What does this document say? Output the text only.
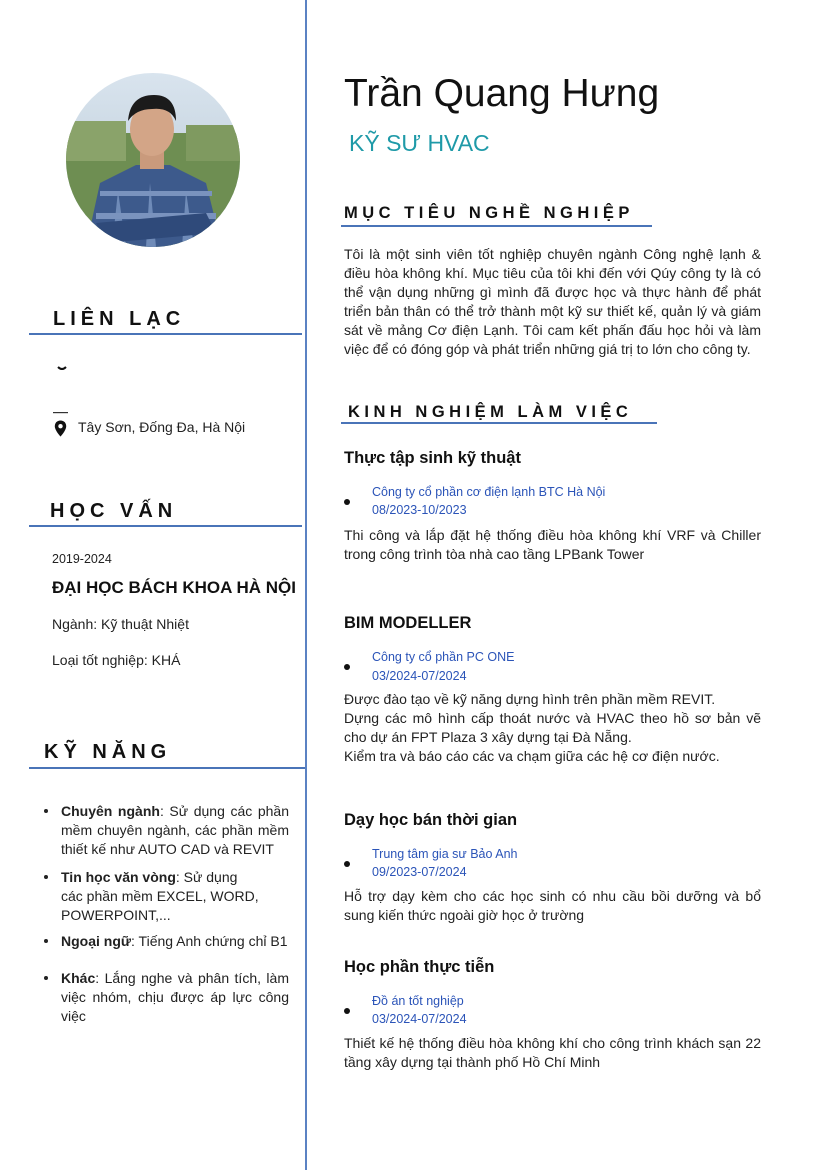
LIÊN LẠC
Tây Sơn, Đống Đa, Hà Nội
HỌC VẤN
2019-2024
ĐẠI HỌC BÁCH KHOA HÀ NỘI
Ngành: Kỹ thuật Nhiệt
Loại tốt nghiệp: KHÁ
KỸ NĂNG
Chuyên ngành: Sử dụng các phần mềm chuyên ngành, các phần mềm thiết kế như AUTO CAD và REVIT
Tin học văn vòng: Sử dụng các phần mềm EXCEL, WORD, POWERPOINT,...
Ngoại ngữ: Tiếng Anh chứng chỉ B1
Khác: Lắng nghe và phân tích, làm việc nhóm, chịu được áp lực công việc
Trần Quang Hưng
KỸ SƯ HVAC
MỤC TIÊU NGHỀ NGHIỆP
Tôi là một sinh viên tốt nghiệp chuyên ngành Công nghệ lạnh & điều hòa không khí. Mục tiêu của tôi khi đến với Qúy công ty là có thể vận dụng những gì mình đã được học và thực hành để phát triển bản thân có thể trở thành một kỹ sư thiết kế, quản lý và giám sát về mảng Cơ điện Lạnh. Tôi cam kết phấn đấu học hỏi và làm việc để có đóng góp và phát triển những giá trị to lớn cho công ty.
KINH NGHIỆM LÀM VIỆC
Thực tập sinh kỹ thuật
Công ty cổ phần cơ điện lạnh BTC Hà Nội
08/2023-10/2023
Thi công và lắp đặt hệ thống điều hòa không khí VRF và Chiller trong công trình tòa nhà cao tầng LPBank Tower
BIM MODELLER
Công ty cổ phần PC ONE
03/2024-07/2024
Được đào tạo về kỹ năng dựng hình trên phần mềm REVIT.
Dựng các mô hình cấp thoát nước và HVAC theo hồ sơ bản vẽ cho dự án FPT Plaza 3 xây dựng tại Đà Nẵng.
Kiểm tra và báo cáo các va chạm giữa các hệ cơ điện nước.
Dạy học bán thời gian
Trung tâm gia sư Bảo Anh
09/2023-07/2024
Hỗ trợ dạy kèm cho các học sinh có nhu cầu bồi dưỡng và bổ sung kiến thức ngoài giờ học ở trường
Học phần thực tiễn
Đồ án tốt nghiệp
03/2024-07/2024
Thiết kế hệ thống điều hòa không khí cho công trình khách sạn 22 tầng xây dựng tại thành phố Hồ Chí Minh
